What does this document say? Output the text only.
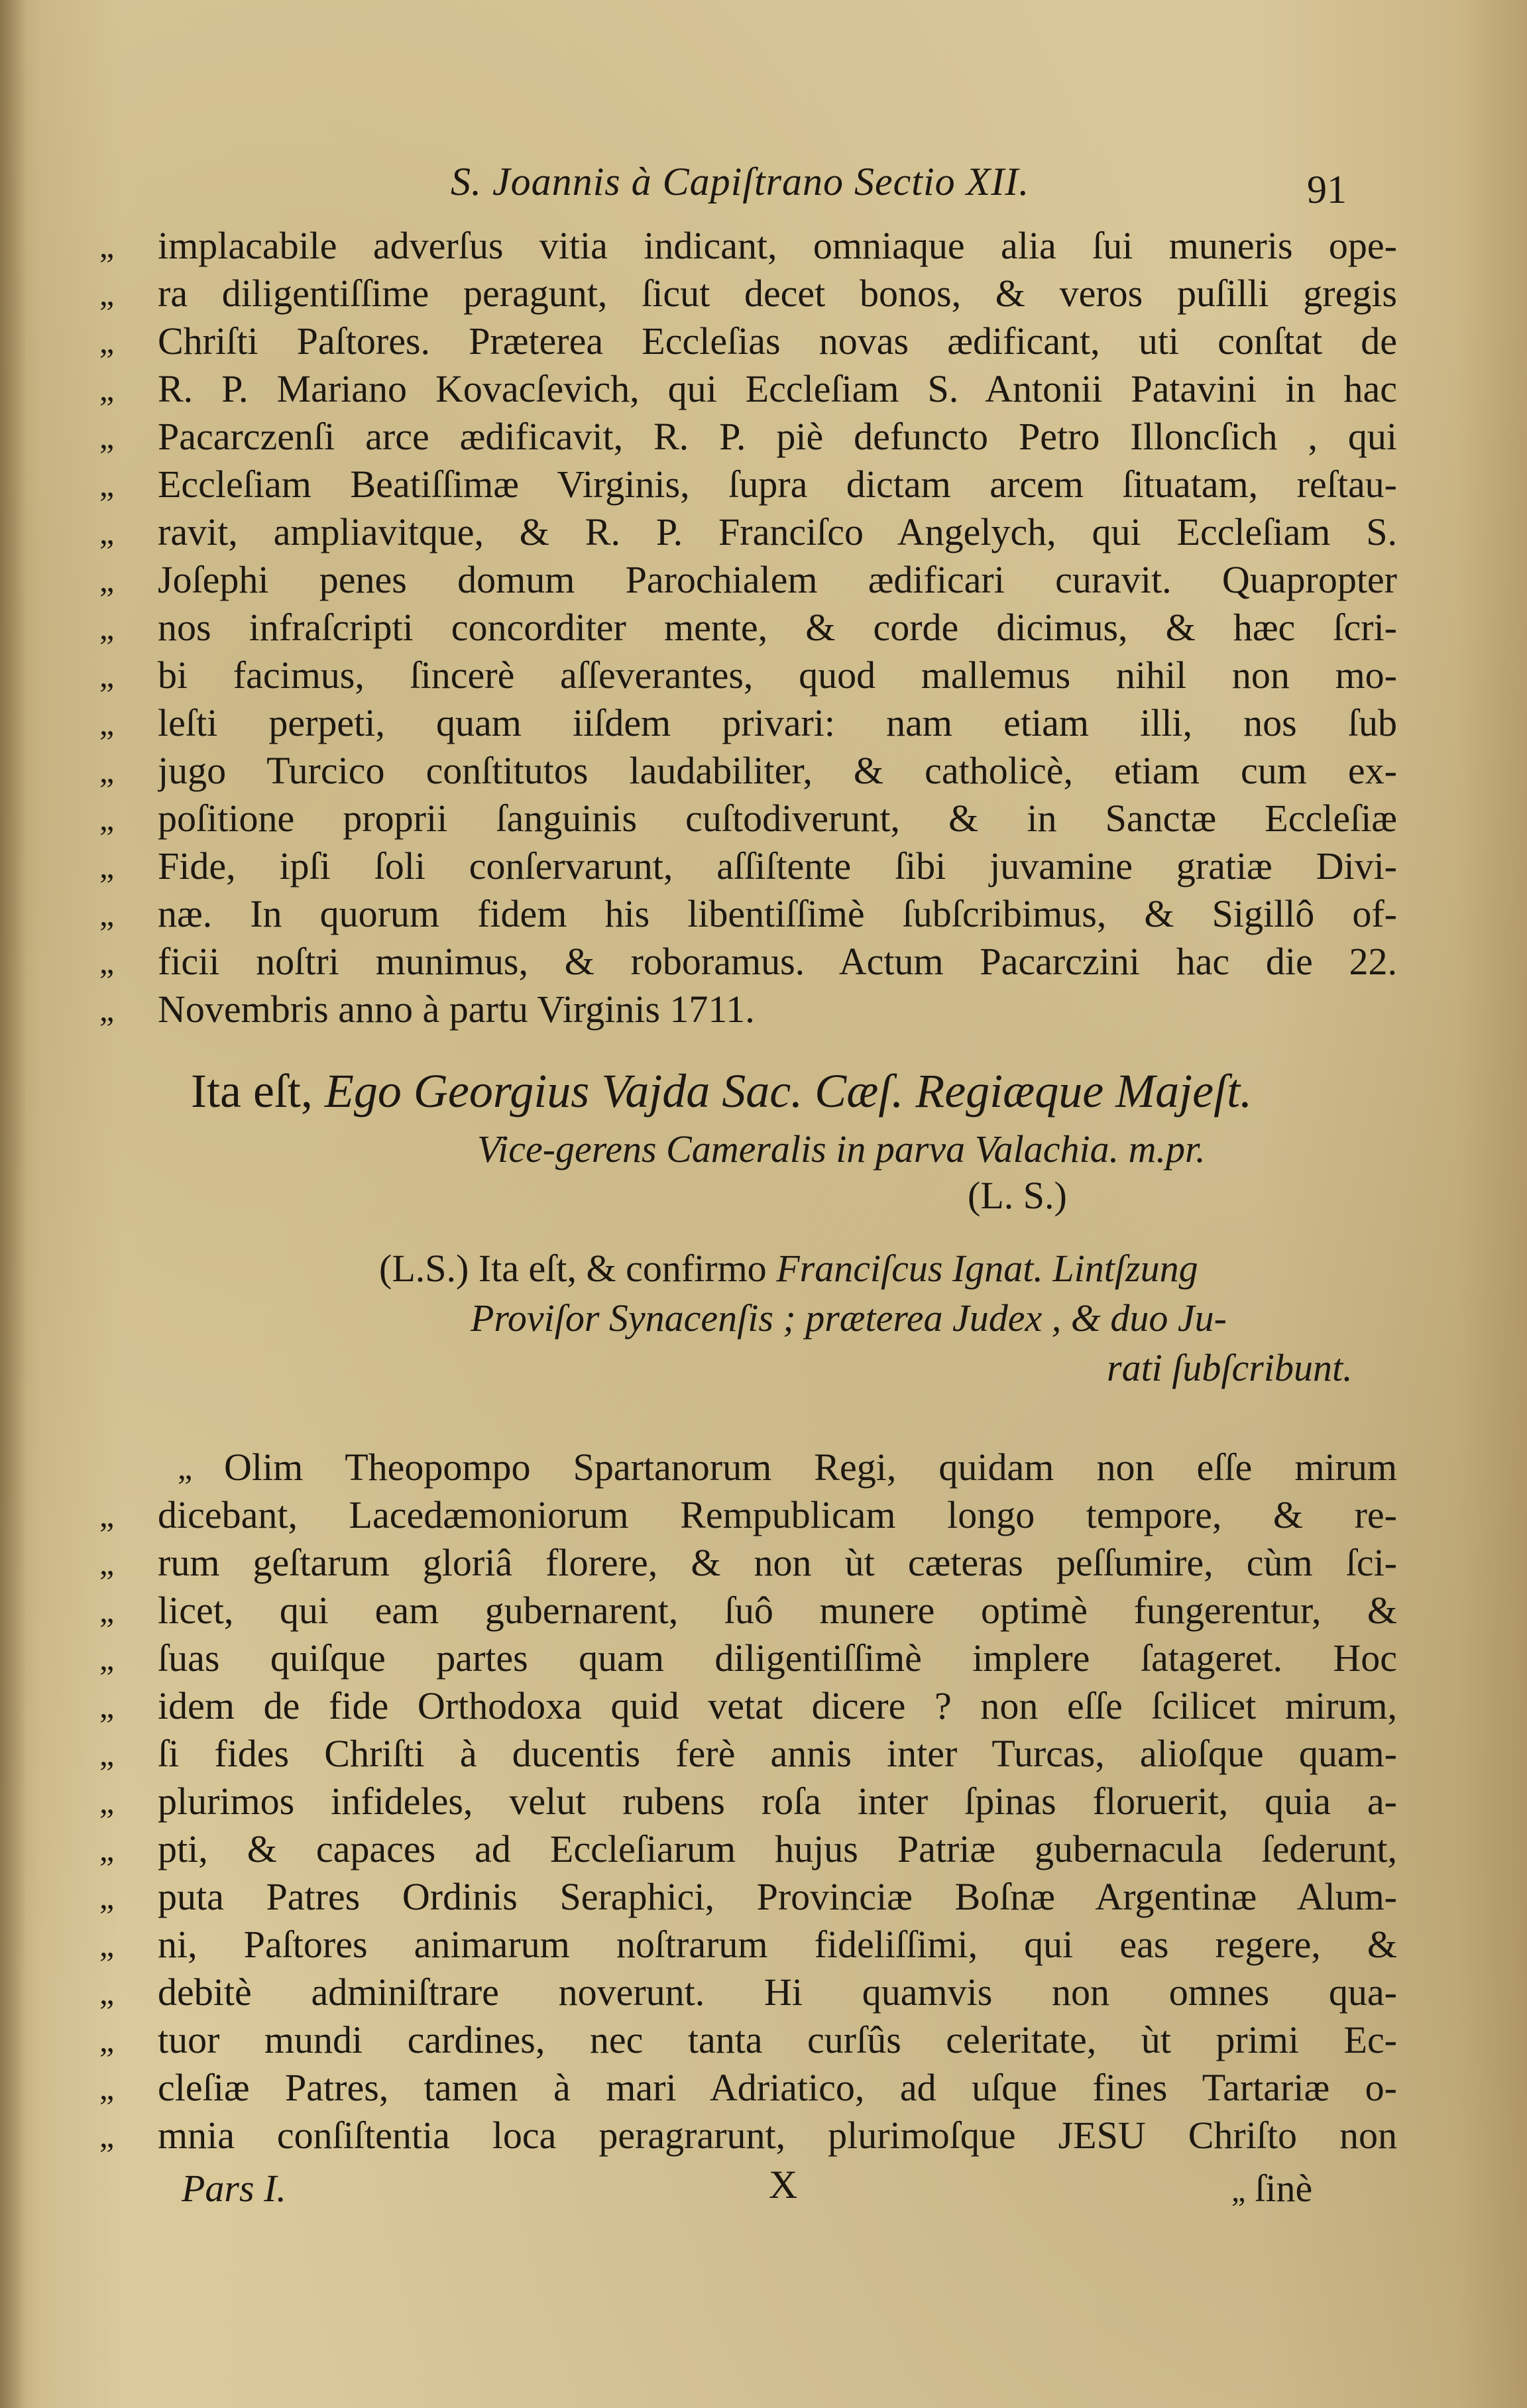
S. Joannis à Capiſtrano Sectio XII.	91
„	implacabile adverſus vitia indicant, omniaque alia ſui muneris ope-
„	ra diligentiſſime peragunt, ſicut decet bonos, & veros puſilli gregis
„	Chriſti Paſtores. Præterea Eccleſias novas ædificant, uti conſtat de
„	R. P. Mariano Kovacſevich, qui Eccleſiam S. Antonii Patavini in hac
„	Pacarczenſi arce ædificavit, R. P. piè defuncto Petro Illoncſich , qui
„	Eccleſiam Beatiſſimæ Virginis, ſupra dictam arcem ſituatam, reſtau-
„	ravit, ampliavitque, & R. P. Franciſco Angelych, qui Eccleſiam S.
„	Joſephi penes domum Parochialem ædificari curavit. Quapropter
„	nos infraſcripti concorditer mente, & corde dicimus, & hæc ſcri-
„	bi facimus, ſincerè aſſeverantes, quod mallemus nihil non mo-
„	leſti perpeti, quam iiſdem privari: nam etiam illi, nos ſub
„	jugo Turcico conſtitutos laudabiliter, & catholicè, etiam cum ex-
„	poſitione proprii ſanguinis cuſtodiverunt, & in Sanctæ Eccleſiæ
„	Fide, ipſi ſoli conſervarunt, aſſiſtente ſibi juvamine gratiæ Divi-
„	næ. In quorum fidem his libentiſſimè ſubſcribimus, & Sigillô of-
„	ficii noſtri munimus, & roboramus. Actum Pacarczini hac die 22.
„	Novembris anno à partu Virginis 1711.
Ita eſt, Ego Georgius Vajda Sac. Cæſ. Regiæque Majeſt.
Vice-gerens Cameralis in parva Valachia. m.pr.
(L. S.)
(L.S.) Ita eſt, & confirmo Franciſcus Ignat. Lintſzung
Proviſor Synacenſis ; præterea Judex , & duo Ju-
rati ſubſcribunt.
„ Olim Theopompo Spartanorum Regi, quidam non eſſe mirum
„	dicebant, Lacedæmoniorum Rempublicam longo tempore, & re-
„	rum geſtarum gloriâ florere, & non ùt cæteras peſſumire, cùm ſci-
„	licet, qui eam gubernarent, ſuô munere optimè fungerentur, &
„	ſuas quiſque partes quam diligentiſſimè implere ſatageret. Hoc
„	idem de fide Orthodoxa quid vetat dicere ? non eſſe ſcilicet mirum,
„	ſi fides Chriſti à ducentis ferè annis inter Turcas, alioſque quam-
„	plurimos infideles, velut rubens roſa inter ſpinas floruerit, quia a-
„	pti, & capaces ad Eccleſiarum hujus Patriæ gubernacula ſederunt,
„	puta Patres Ordinis Seraphici, Provinciæ Boſnæ Argentinæ Alum-
„	ni, Paſtores animarum noſtrarum fideliſſimi, qui eas regere, &
„	debitè adminiſtrare noverunt. Hi quamvis non omnes qua-
„	tuor mundi cardines, nec tanta curſûs celeritate, ùt primi Ec-
„	cleſiæ Patres, tamen à mari Adriatico, ad uſque fines Tartariæ o-
„	mnia conſiſtentia loca peragrarunt, plurimoſque JESU Chriſto non
Pars I.	X	„ ſinè
